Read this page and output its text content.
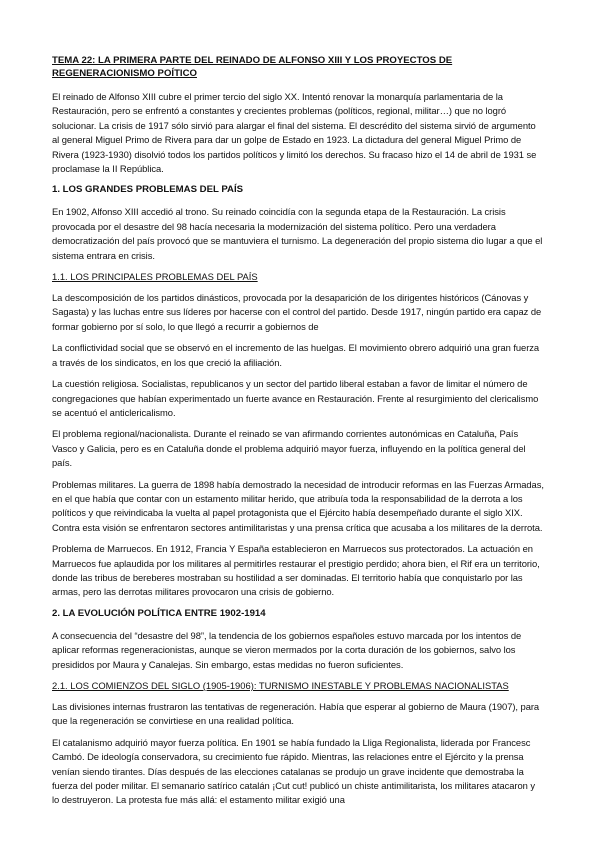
TEMA 22: LA PRIMERA PARTE DEL REINADO DE ALFONSO XIII Y LOS PROYECTOS DE REGENERACIONISMO POÍTICO

El reinado de Alfonso XIII cubre el primer tercio del siglo XX. Intentó renovar la monarquía parlamentaria de la Restauración, pero se enfrentó a constantes y crecientes problemas (políticos, regional, militar…) que no logró solucionar. La crisis de 1917 sólo sirvió para alargar el final del sistema. El descrédito del sistema sirvió de argumento al general Miguel Primo de Rivera para dar un golpe de Estado en 1923. La dictadura del general Miguel Primo de Rivera (1923-1930) disolvió todos los partidos políticos y limitó los derechos. Su fracaso hizo el 14 de abril de 1931 se proclamase la II República.

1. LOS GRANDES PROBLEMAS DEL PAÍS

En 1902, Alfonso XIII accedió al trono. Su reinado coincidía con la segunda etapa de la Restauración. La crisis provocada por el desastre del 98 hacía necesaria la modernización del sistema político. Pero una verdadera democratización del país provocó que se mantuviera el turnismo. La degeneración del propio sistema dio lugar a que el sistema entrara en crisis.

1.1. LOS PRINCIPALES PROBLEMAS DEL PAÍS

La descomposición de los partidos dinásticos, provocada por la desaparición de los dirigentes históricos (Cánovas y Sagasta) y las luchas entre sus líderes por hacerse con el control del partido. Desde 1917, ningún partido era capaz de formar gobierno por sí solo, lo que llegó a recurrir a gobiernos de

La conflictividad social que se observó en el incremento de las huelgas. El movimiento obrero adquirió una gran fuerza a través de los sindicatos, en los que creció la afiliación.

La cuestión religiosa. Socialistas, republicanos y un sector del partido liberal estaban a favor de limitar el número de congregaciones que habían experimentado un fuerte avance en Restauración. Frente al resurgimiento del clericalismo se acentuó el anticlericalismo.

El problema regional/nacionalista. Durante el reinado se van afirmando corrientes autonómicas en Cataluña, País Vasco y Galicia, pero es en Cataluña donde el problema adquirió mayor fuerza, influyendo en la política general del país.

Problemas militares. La guerra de 1898 había demostrado la necesidad de introducir reformas en las Fuerzas Armadas, en el que había que contar con un estamento militar herido, que atribuía toda la responsabilidad de la derrota a los políticos y que reivindicaba la vuelta al papel protagonista que el Ejército había desempeñado durante el siglo XIX. Contra esta visión se enfrentaron sectores antimilitaristas y una prensa crítica que acusaba a los militares de la derrota.

Problema de Marruecos. En 1912, Francia Y España establecieron en Marruecos sus protectorados. La actuación en Marruecos fue aplaudida por los militares al permitirles restaurar el prestigio perdido; ahora bien, el Rif era un territorio, donde las tribus de bereberes mostraban su hostilidad a ser dominadas. El territorio había que conquistarlo por las armas, pero las derrotas militares provocaron una crisis de gobierno.

2. LA EVOLUCIÓN POLÍTICA ENTRE 1902-1914

A consecuencia del “desastre del 98”, la tendencia de los gobiernos españoles estuvo marcada por los intentos de aplicar reformas regeneracionistas, aunque se vieron mermados por la corta duración de los gobiernos, salvo los presididos por Maura y Canalejas. Sin embargo, estas medidas no fueron suficientes.

2.1. LOS COMIENZOS DEL SIGLO (1905-1906): TURNISMO INESTABLE Y PROBLEMAS NACIONALISTAS

Las divisiones internas frustraron las tentativas de regeneración. Había que esperar al gobierno de Maura (1907), para que la regeneración se convirtiese en una realidad política.

El catalanismo adquirió mayor fuerza política. En 1901 se había fundado la Lliga Regionalista, liderada por Francesc Cambó. De ideología conservadora, su crecimiento fue rápido. Mientras, las relaciones entre el Ejército y la prensa venían siendo tirantes. Días después de las elecciones catalanas se produjo un grave incidente que demostraba la fuerza del poder militar. El semanario satírico catalán ¡Cut cut! publicó un chiste antimilitarista, los militares atacaron y lo destruyeron. La protesta fue más allá: el estamento militar exigió una
